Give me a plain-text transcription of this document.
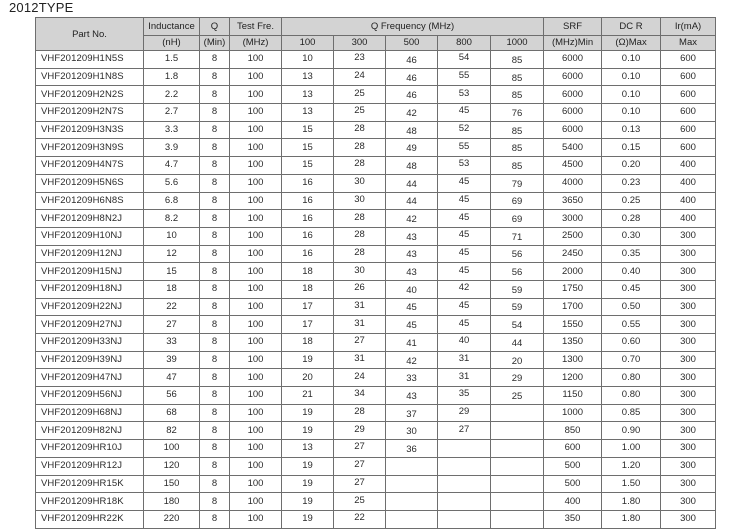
2012TYPE
Part No.	Inductance	Q	Test Fre.	Q Frequency (MHz)					SRF	DC R	Ir(mA)
	(nH)	(Min)	(MHz)	100	300	500	800	1000	(MHz)Min	(Ω)Max	Max
VHF201209H1N5S	1.5	8	100	10	23	46	54	85	6000	0.10	600
VHF201209H1N8S	1.8	8	100	13	24	46	55	85	6000	0.10	600
VHF201209H2N2S	2.2	8	100	13	25	46	53	85	6000	0.10	600
VHF201209H2N7S	2.7	8	100	13	25	42	45	76	6000	0.10	600
VHF201209H3N3S	3.3	8	100	15	28	48	52	85	6000	0.13	600
VHF201209H3N9S	3.9	8	100	15	28	49	55	85	5400	0.15	600
VHF201209H4N7S	4.7	8	100	15	28	48	53	85	4500	0.20	400
VHF201209H5N6S	5.6	8	100	16	30	44	45	79	4000	0.23	400
VHF201209H6N8S	6.8	8	100	16	30	44	45	69	3650	0.25	400
VHF201209H8N2J	8.2	8	100	16	28	42	45	69	3000	0.28	400
VHF201209H10NJ	10	8	100	16	28	43	45	71	2500	0.30	300
VHF201209H12NJ	12	8	100	16	28	43	45	56	2450	0.35	300
VHF201209H15NJ	15	8	100	18	30	43	45	56	2000	0.40	300
VHF201209H18NJ	18	8	100	18	26	40	42	59	1750	0.45	300
VHF201209H22NJ	22	8	100	17	31	45	45	59	1700	0.50	300
VHF201209H27NJ	27	8	100	17	31	45	45	54	1550	0.55	300
VHF201209H33NJ	33	8	100	18	27	41	40	44	1350	0.60	300
VHF201209H39NJ	39	8	100	19	31	42	31	20	1300	0.70	300
VHF201209H47NJ	47	8	100	20	24	33	31	29	1200	0.80	300
VHF201209H56NJ	56	8	100	21	34	43	35	25	1150	0.80	300
VHF201209H68NJ	68	8	100	19	28	37	29		1000	0.85	300
VHF201209H82NJ	82	8	100	19	29	30	27		850	0.90	300
VHF201209HR10J	100	8	100	13	27	36			600	1.00	300
VHF201209HR12J	120	8	100	19	27				500	1.20	300
VHF201209HR15K	150	8	100	19	27				500	1.50	300
VHF201209HR18K	180	8	100	19	25				400	1.80	300
VHF201209HR22K	220	8	100	19	22				350	1.80	300
